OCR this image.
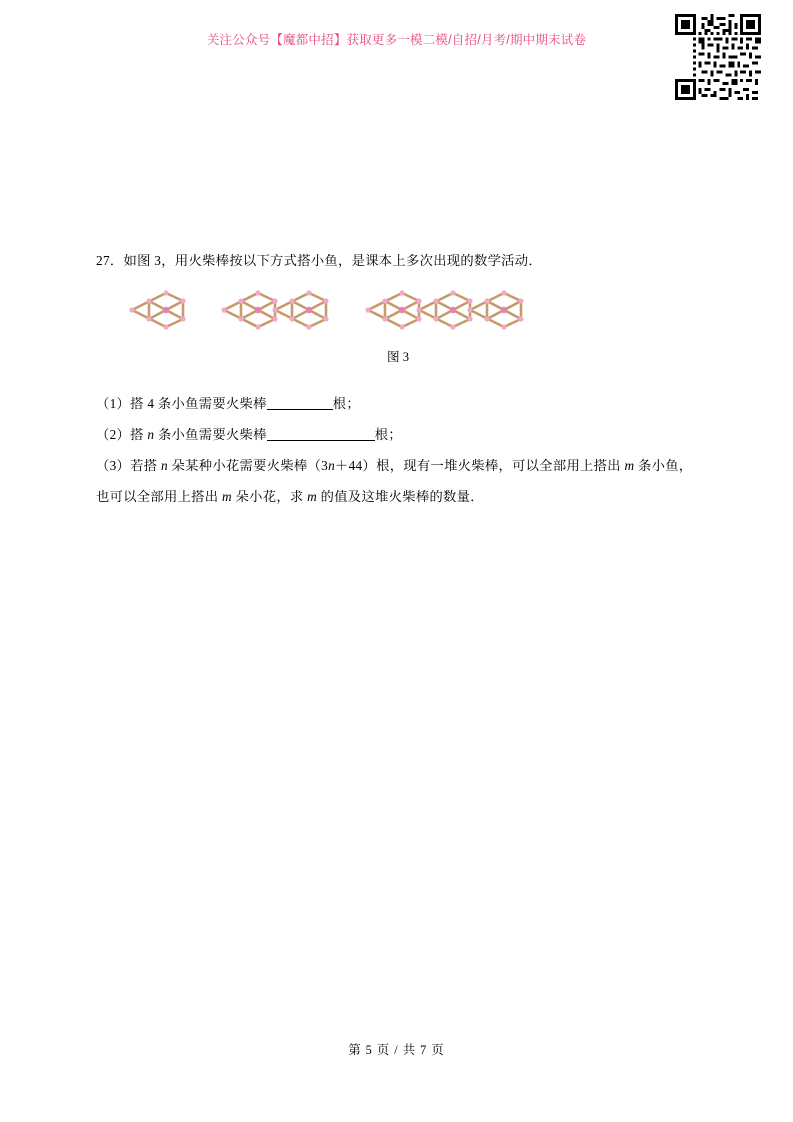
关注公众号【魔都中招】获取更多一模二模/自招/月考/期中期末试卷
27．如图 3，用火柴棒按以下方式搭小鱼，是课本上多次出现的数学活动．
图 3
（1）搭 4 条小鱼需要火柴棒	根；
（2）搭 n 条小鱼需要火柴棒	根；
（3）若搭 n 朵某种小花需要火柴棒（3n＋44）根，现有一堆火柴棒，可以全部用上搭出 m 条小鱼，
也可以全部用上搭出 m 朵小花，求 m 的值及这堆火柴棒的数量．
第 5 页 / 共 7 页
